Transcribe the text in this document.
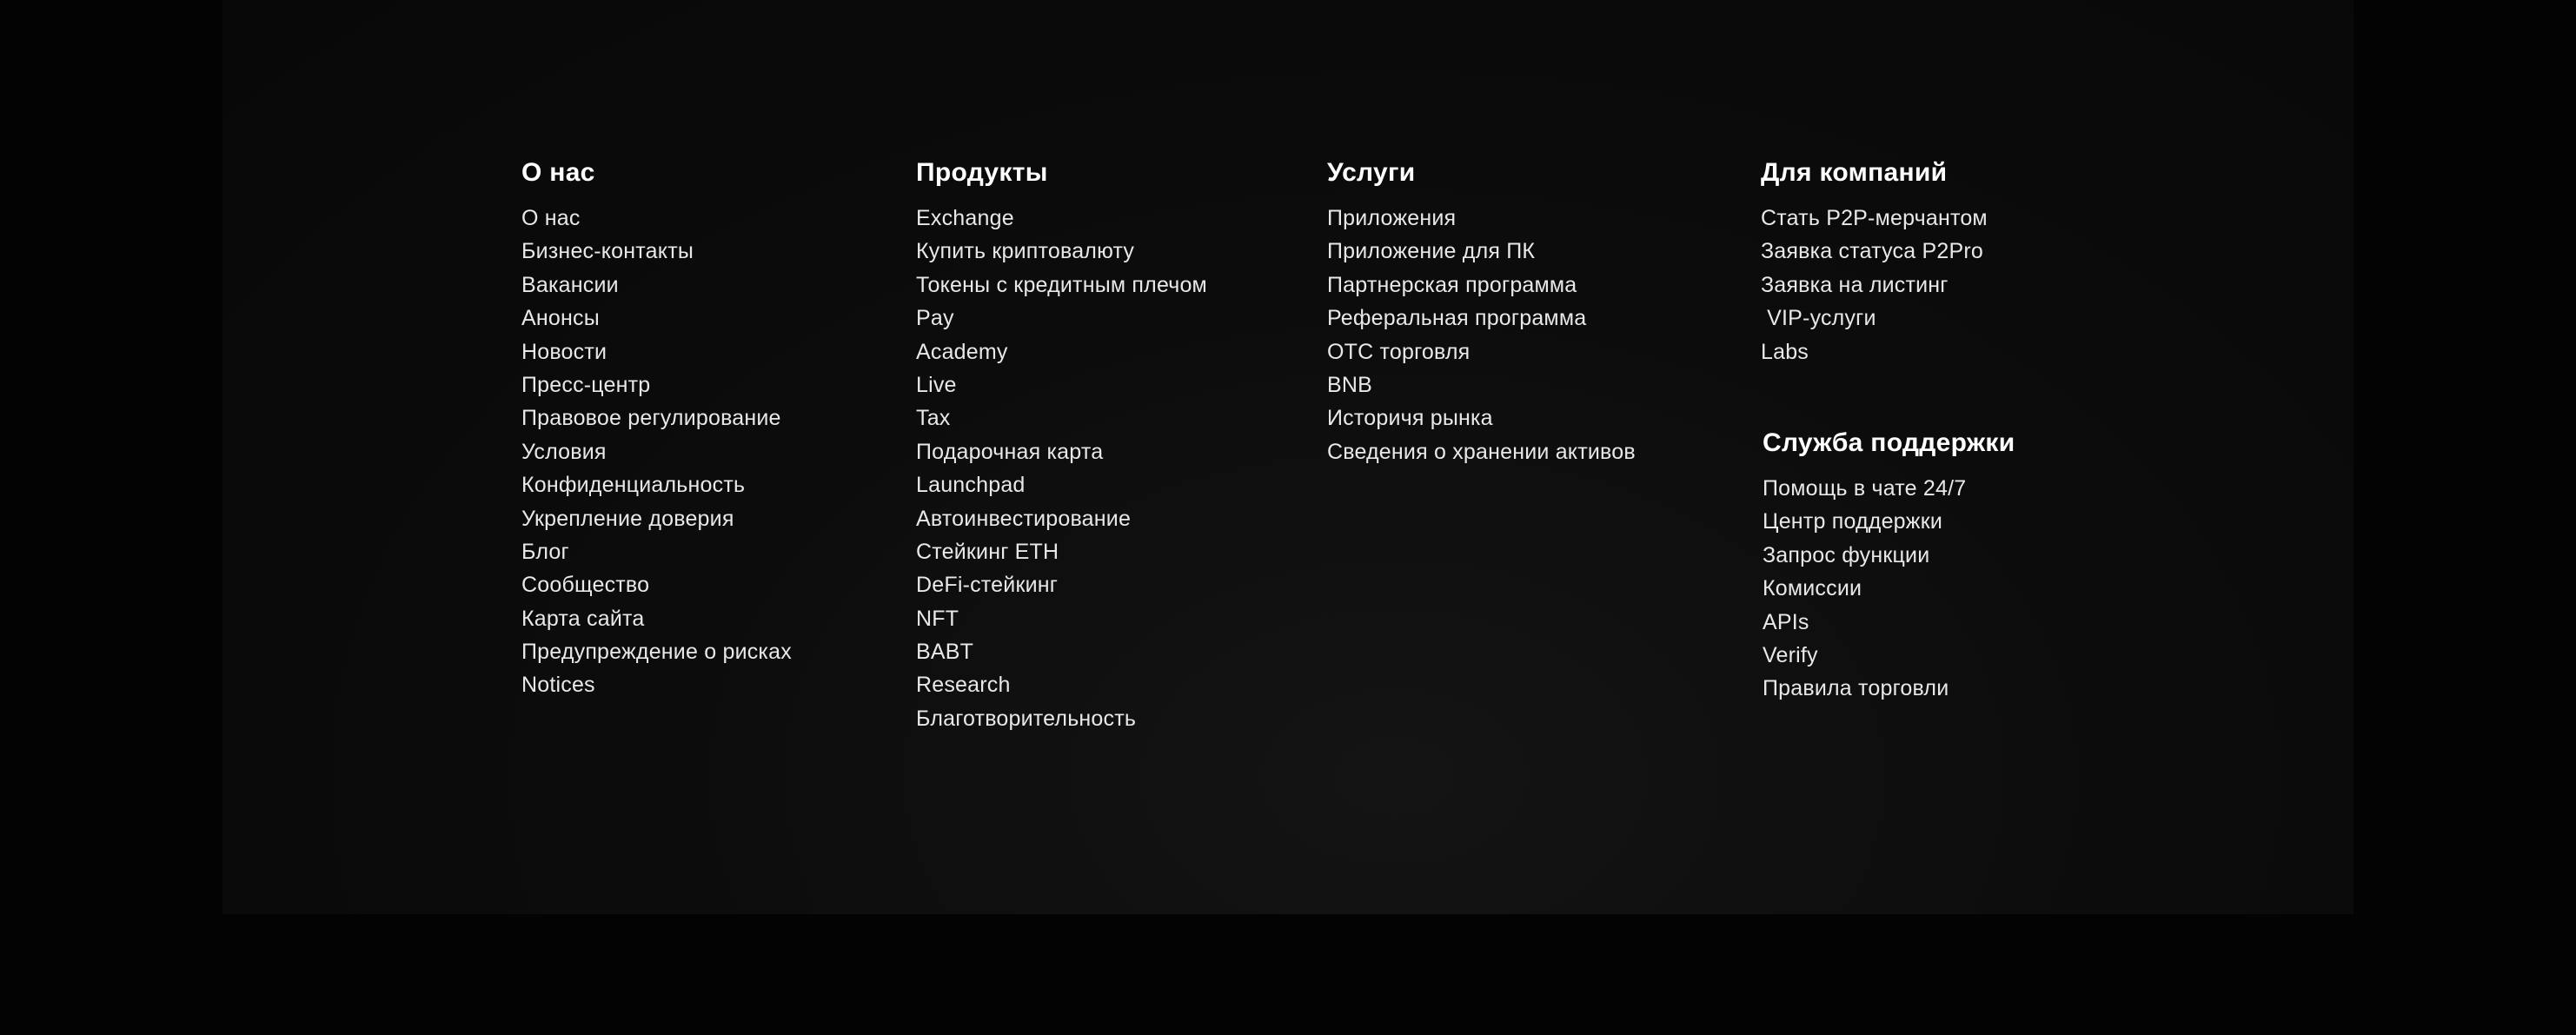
О нас
О нас
Бизнес-контакты
Вакансии
Анонсы
Новости
Пресс-центр
Правовое регулирование
Условия
Конфиденциальность
Укрепление доверия
Блог
Сообщество
Карта сайта
Предупреждение о рисках
Notices
Продукты
Exchange
Купить криптовалюту
Токены с кредитным плечом
Pay
Academy
Live
Tax
Подарочная карта
Launchpad
Автоинвестирование
Стейкинг ETH
DeFi-стейкинг
NFT
BABT
Research
Благотворительность
Услуги
Приложения
Приложение для ПК
Партнерская программа
Реферальная программа
OTC торговля
BNB
Историчя рынка
Сведения о хранении активов
Для компаний
Стать P2P-мерчантом
Заявка статуса P2Pro
Заявка на листинг
VIP-услуги
Labs
Служба поддержки
Помощь в чате 24/7
Центр поддержки
Запрос функции
Комиссии
APIs
Verify
Правила торговли
